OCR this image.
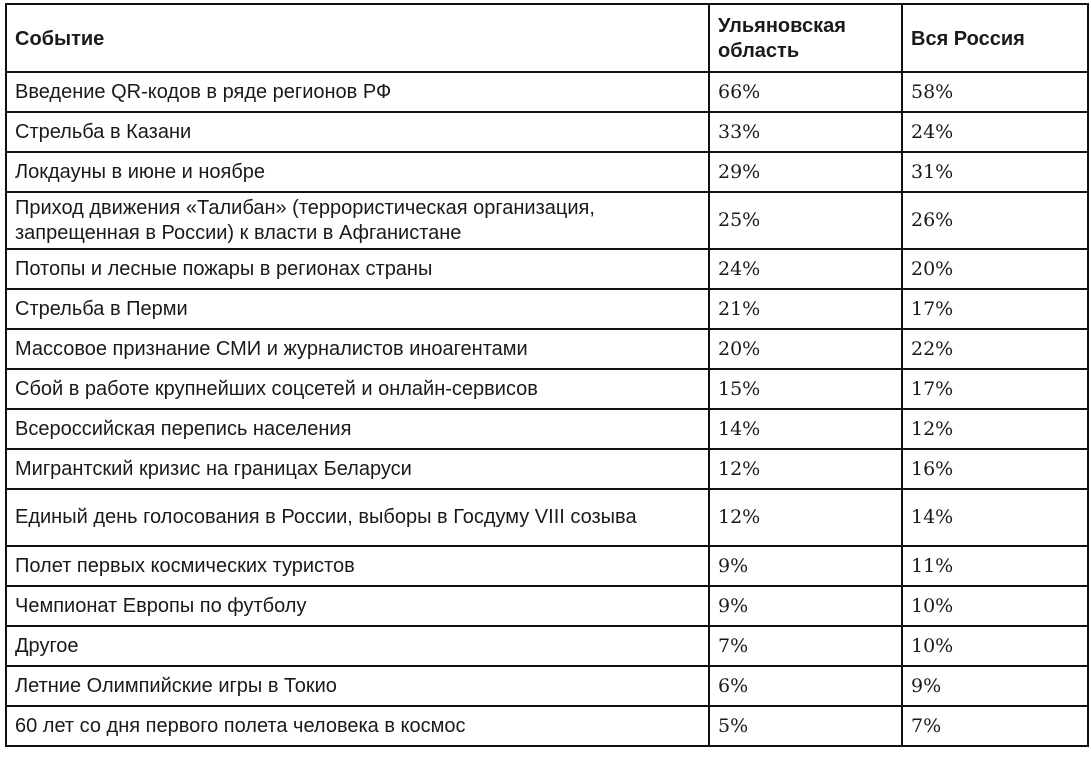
Событие	Ульяновская область	Вся Россия
Введение QR-кодов в ряде регионов РФ	66%	58%
Стрельба в Казани	33%	24%
Локдауны в июне и ноябре	29%	31%
Приход движения «Талибан» (террористическая организация, запрещенная в России) к власти в Афганистане	25%	26%
Потопы и лесные пожары в регионах страны	24%	20%
Стрельба в Перми	21%	17%
Массовое признание СМИ и журналистов иноагентами	20%	22%
Сбой в работе крупнейших соцсетей и онлайн-сервисов	15%	17%
Всероссийская перепись населения	14%	12%
Мигрантский кризис на границах Беларуси	12%	16%
Единый день голосования в России, выборы в Госдуму VIII созыва	12%	14%
Полет первых космических туристов	9%	11%
Чемпионат Европы по футболу	9%	10%
Другое	7%	10%
Летние Олимпийские игры в Токио	6%	9%
60 лет со дня первого полета человека в космос	5%	7%
